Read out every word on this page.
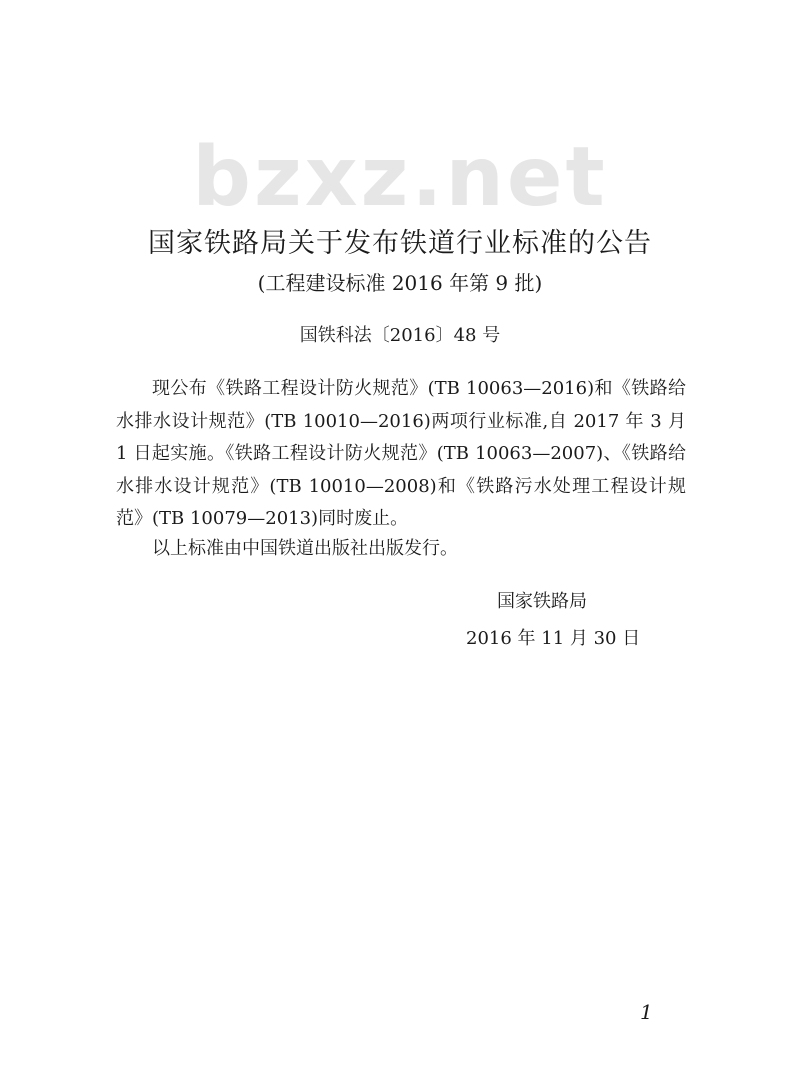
bzxz.net
国家铁路局关于发布铁道行业标准的公告
(工程建设标准 2016 年第 9 批)
国铁科法〔2016〕48 号

现公布《铁路工程设计防火规范》(TB 10063—2016)和《铁路给水排水设计规范》(TB 10010—2016)两项行业标准,自 2017 年 3 月 1 日起实施。《铁路工程设计防火规范》(TB 10063—2007)、《铁路给水排水设计规范》(TB 10010—2008)和《铁路污水处理工程设计规范》(TB 10079—2013)同时废止。

以上标准由中国铁道出版社出版发行。

国家铁路局
2016 年 11 月 30 日
1
